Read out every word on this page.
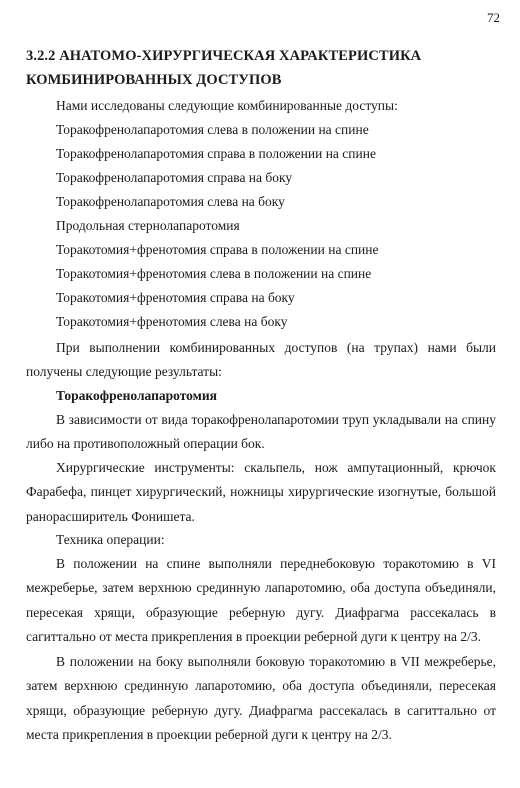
72
3.2.2 АНАТОМО-ХИРУРГИЧЕСКАЯ ХАРАКТЕРИСТИКА КОМБИНИРОВАННЫХ ДОСТУПОВ
Нами исследованы следующие комбинированные доступы:
Торакофренолапаротомия слева в положении на спине
Торакофренолапаротомия справа в положении на спине
Торакофренолапаротомия справа на боку
Торакофренолапаротомия слева на боку
Продольная стернолапаротомия
Торакотомия+френотомия справа в положении на спине
Торакотомия+френотомия слева в положении на спине
Торакотомия+френотомия справа на боку
Торакотомия+френотомия слева на боку
При выполнении комбинированных доступов (на трупах) нами были получены следующие результаты:
Торакофренолапаротомия
В зависимости от вида торакофренолапаротомии труп укладывали на спину либо на противоположный операции бок.
Хирургические инструменты: скальпель, нож ампутационный, крючок Фарабефа, пинцет хирургический, ножницы хирургические изогнутые, большой ранорасширитель Фонишета.
Техника операции:
В положении на спине выполняли переднебоковую торакотомию в VI межреберье, затем верхнюю срединную лапаротомию, оба доступа объединяли, пересекая хрящи, образующие реберную дугу. Диафрагма рассекалась в сагиттально от места прикрепления в проекции реберной дуги к центру на 2/3.
В положении на боку выполняли боковую торакотомию в VII межреберье, затем верхнюю срединную лапаротомию, оба доступа объединяли, пересекая хрящи, образующие реберную дугу. Диафрагма рассекалась в сагиттально от места прикрепления в проекции реберной дуги к центру на 2/3.
